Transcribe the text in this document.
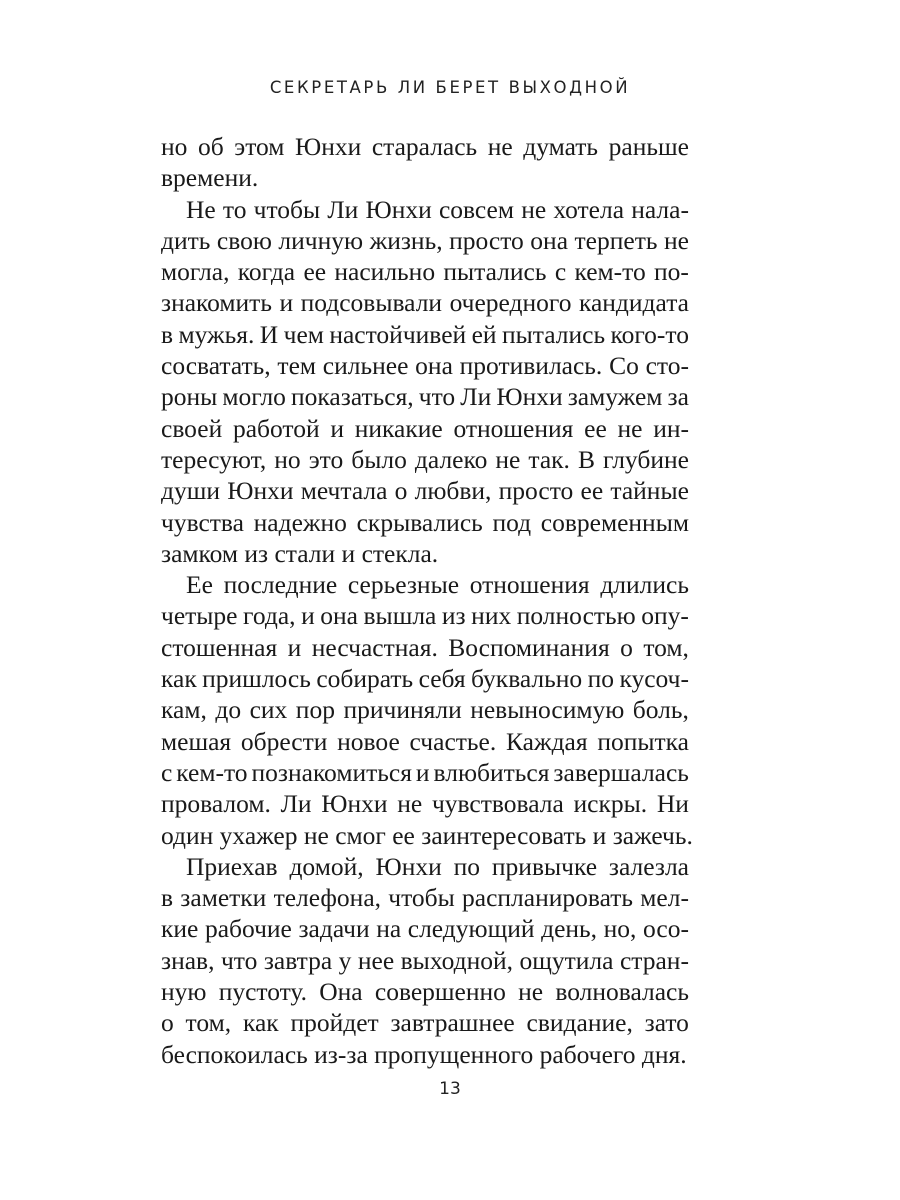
СЕКРЕТАРЬ ЛИ БЕРЕТ ВЫХОДНОЙ
но об этом Юнхи старалась не думать раньше
времени.
Не то чтобы Ли Юнхи совсем не хотела нала-
дить свою личную жизнь, просто она терпеть не
могла, когда ее насильно пытались с кем-то по-
знакомить и подсовывали очередного кандидата
в мужья. И чем настойчивей ей пытались кого-то
сосватать, тем сильнее она противилась. Со сто-
роны могло показаться, что Ли Юнхи замужем за
своей работой и никакие отношения ее не ин-
тересуют, но это было далеко не так. В глубине
души Юнхи мечтала о любви, просто ее тайные
чувства надежно скрывались под современным
замком из стали и стекла.
Ее последние серьезные отношения длились
четыре года, и она вышла из них полностью опу-
стошенная и несчастная. Воспоминания о том,
как пришлось собирать себя буквально по кусоч-
кам, до сих пор причиняли невыносимую боль,
мешая обрести новое счастье. Каждая попытка
с кем-то познакомиться и влюбиться завершалась
провалом. Ли Юнхи не чувствовала искры. Ни
один ухажер не смог ее заинтересовать и зажечь.
Приехав домой, Юнхи по привычке залезла
в заметки телефона, чтобы распланировать мел-
кие рабочие задачи на следующий день, но, осо-
знав, что завтра у нее выходной, ощутила стран-
ную пустоту. Она совершенно не волновалась
о том, как пройдет завтрашнее свидание, зато
беспокоилась из-за пропущенного рабочего дня.
13
